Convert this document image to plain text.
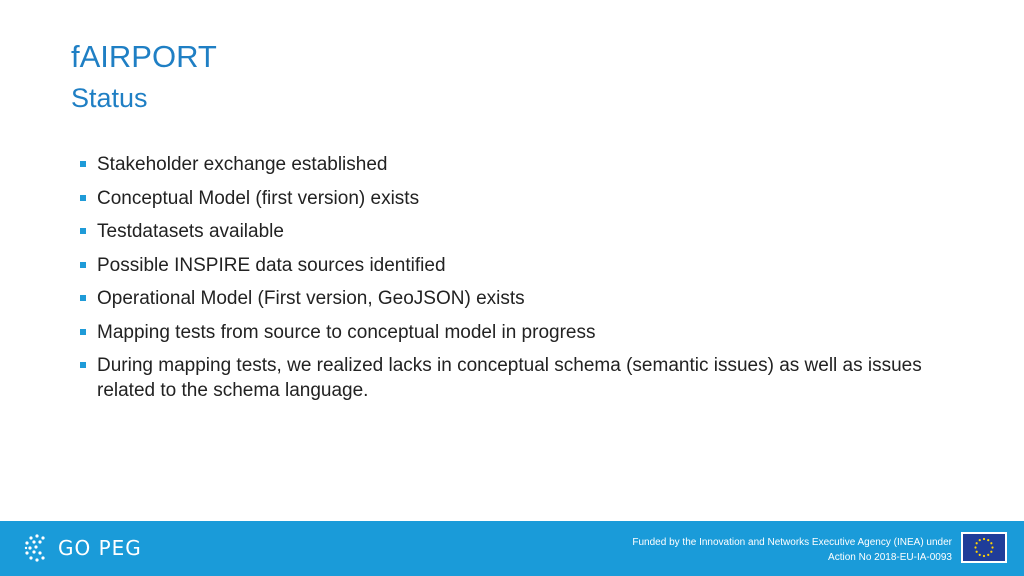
fAIRPORT
Status
Stakeholder exchange established
Conceptual Model (first version) exists
Testdatasets available
Possible INSPIRE data sources identified
Operational Model (First version, GeoJSON) exists
Mapping tests from source to conceptual model in progress
During mapping tests, we realized lacks in conceptual schema (semantic issues) as well as issues related to the schema language.
GO PEG	Funded by the Innovation and Networks Executive Agency (INEA) under
Action No 2018-EU-IA-0093
